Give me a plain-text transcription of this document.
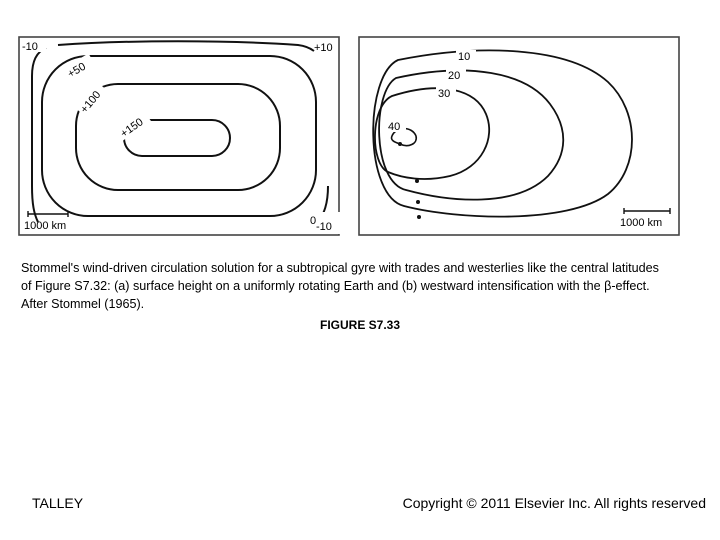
-10	+10
+50
+100
+150
0 -10
1000 km
10
20
30
40
1000 km
Stommel's wind-driven circulation solution for a subtropical gyre with trades and westerlies like the central latitudes of Figure S7.32: (a) surface height on a uniformly rotating Earth and (b) westward intensification with the β-effect. After Stommel (1965).
FIGURE S7.33
TALLEY	Copyright © 2011 Elsevier Inc. All rights reserved
